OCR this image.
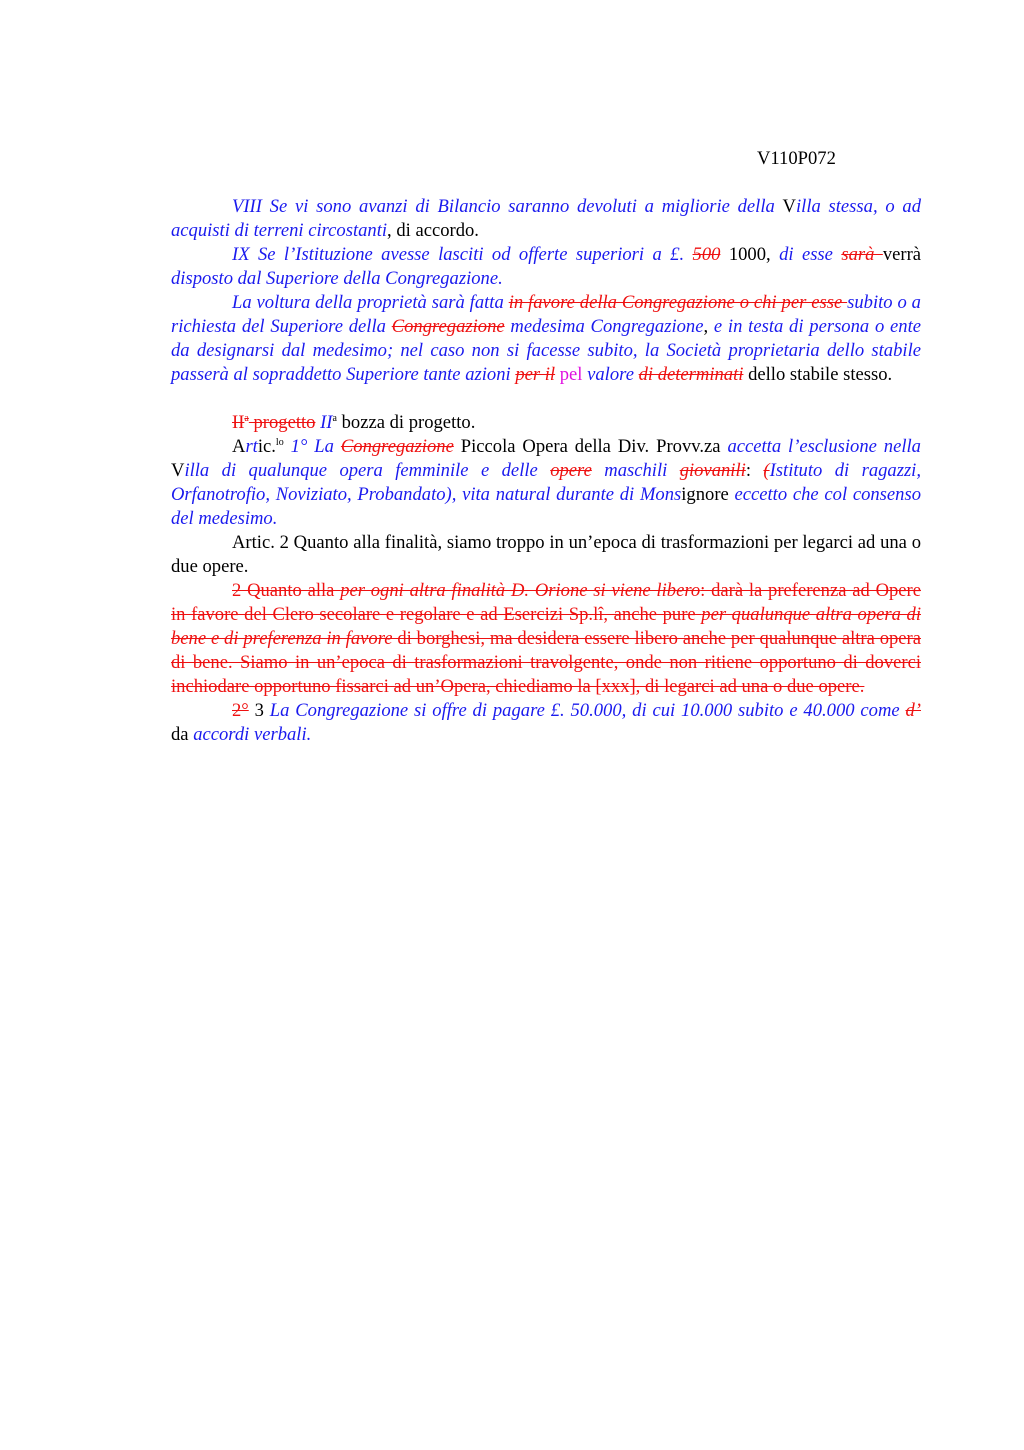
V110P072

VIII Se vi sono avanzi di Bilancio saranno devoluti a migliorie della Villa stessa, o ad acquisti di terreni circostanti, di accordo.

IX Se l’Istituzione avesse lasciti od offerte superiori a £. 500 1000, di esse sarà verrà disposto dal Superiore della Congregazione.

La voltura della proprietà sarà fatta in favore della Congregazione o chi per esse subito o a richiesta del Superiore della Congregazione medesima Congregazione, e in testa di persona o ente da designarsi dal medesimo; nel caso non si facesse subito, la Società proprietaria dello stabile passerà al sopraddetto Superiore tante azioni per il pel valore di determinati dello stabile stesso.

$II^a$ progetto $II^a$ bozza di progetto.

Artic.$^{lo}$ 1° La Congregazione Piccola Opera della Div. Provv.za accetta l’esclusione nella Villa di qualunque opera femminile e delle opere maschili giovanili: (Istituto di ragazzi, Orfanotrofio, Noviziato, Probandato), vita natural durante di Monsignore eccetto che col consenso del medesimo.

Artic. 2 Quanto alla finalità, siamo troppo in un’epoca di trasformazioni per legarci ad una o due opere.

2 Quanto alla per ogni altra finalità D. Orione si viene libero: darà la preferenza ad Opere in favore del Clero secolare e regolare e ad Esercizi Sp.lî, anche pure per qualunque altra opera di bene e di preferenza in favore di borghesi, ma desidera essere libero anche per qualunque altra opera di bene. Siamo in un’epoca di trasformazioni travolgente, onde non ritiene opportuno di doverci inchiodare opportuno fissarci ad un’Opera, chiediamo la [xxx], di legarci ad una o due opere.

2° 3 La Congregazione si offre di pagare £. 50.000, di cui 10.000 subito e 40.000 come d’ da accordi verbali.
